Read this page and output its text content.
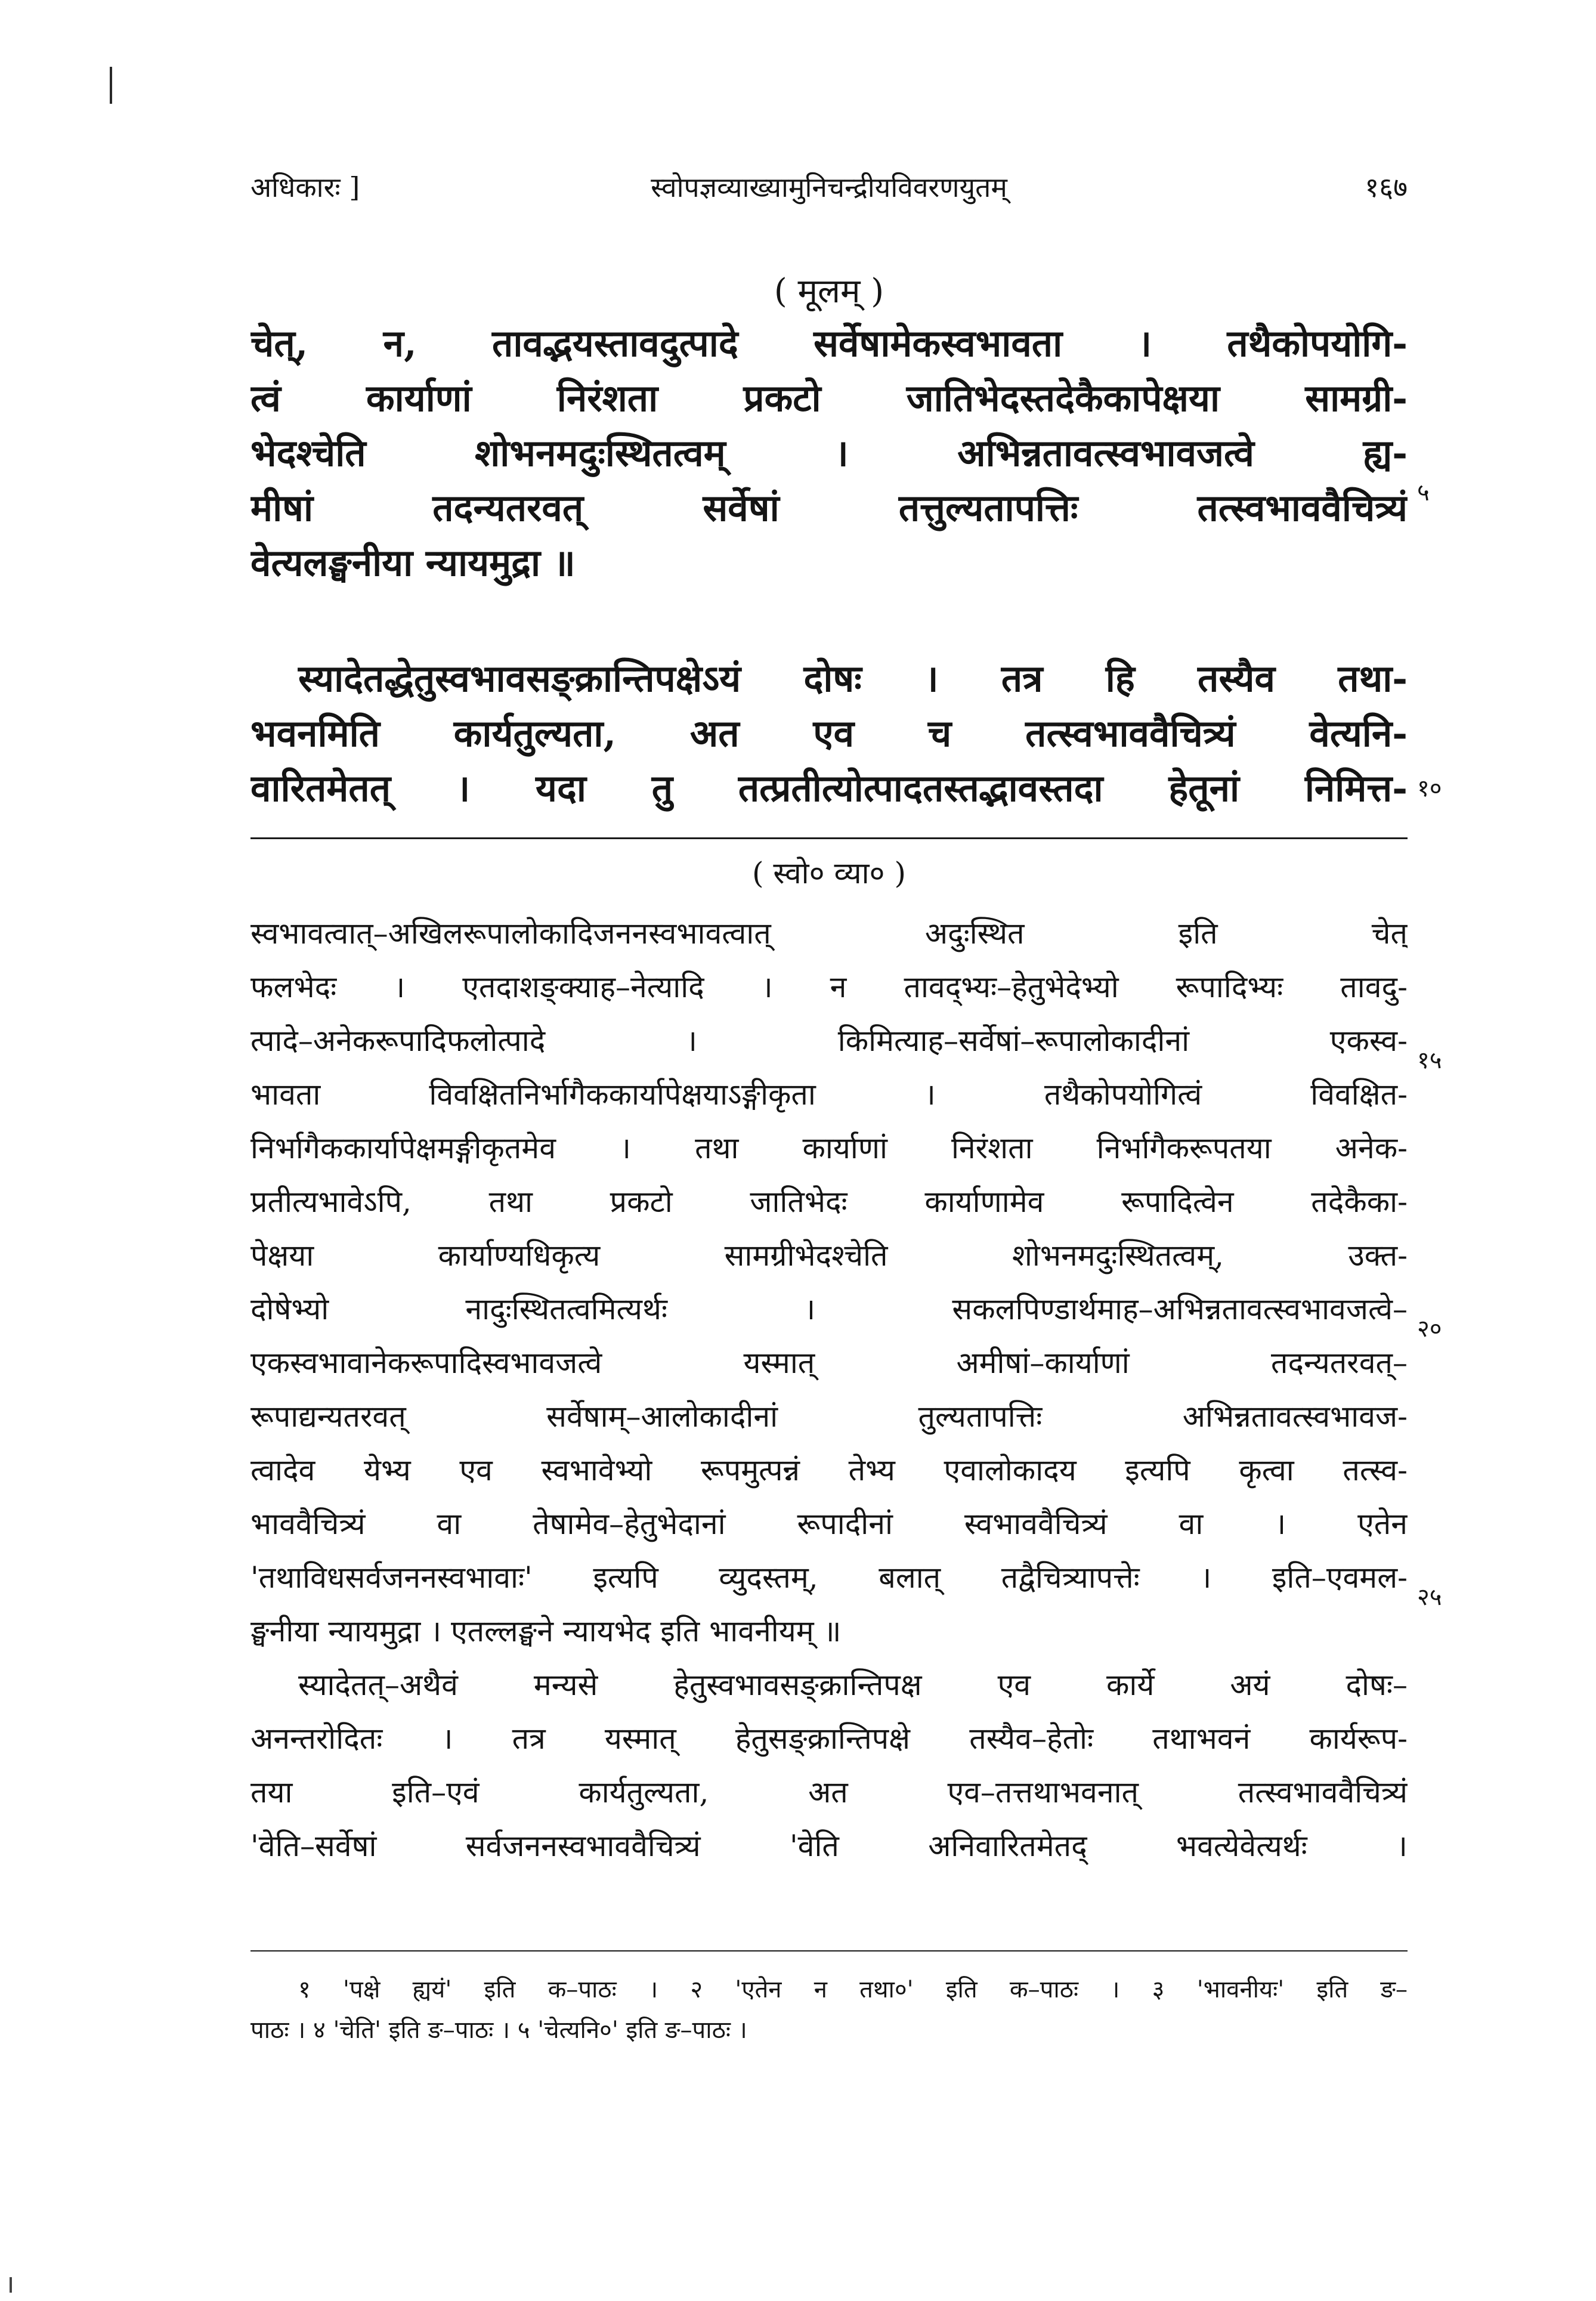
अधिकारः ]	स्वोपज्ञव्याख्यामुनिचन्द्रीयविवरणयुतम्	१६७
( मूलम् )
चेत्, न, तावद्भयस्तावदुत्पादे सर्वेषामेकस्वभावता । तथैकोपयोगि-
त्वं कार्याणां निरंशता प्रकटो जातिभेदस्तदेकैकापेक्षया सामग्री-
भेदश्चेति शोभनमदुःस्थितत्वम् । अभिन्नतावत्स्वभावजत्वे ह्य-
मीषां तदन्यतरवत् सर्वेषां तत्तुल्यतापत्तिः तत्स्वभाववैचित्र्यं
वेत्यलङ्घनीया न्यायमुद्रा ॥
स्यादेतद्धेतुस्वभावसङ्क्रान्तिपक्षेऽयं दोषः । तत्र हि तस्यैव तथा-
भवनमिति कार्यतुल्यता, अत एव च तत्स्वभाववैचित्र्यं वेत्यनि-
वारितमेतत् । यदा तु तत्प्रतीत्योत्पादतस्तद्भावस्तदा हेतूनां निमित्त-
५
१०
( स्वो० व्या० )
स्वभावत्वात्–अखिलरूपालोकादिजननस्वभावत्वात् अदुःस्थित इति चेत्
फलभेदः । एतदाशङ्क्याह–नेत्यादि । न तावद्भ्यः–हेतुभेदेभ्यो रूपादिभ्यः तावदु-
त्पादे–अनेकरूपादिफलोत्पादे । किमित्याह–सर्वेषां–रूपालोकादीनां एकस्व-
भावता विवक्षितनिर्भागैककार्यापेक्षयाऽङ्गीकृता । तथैकोपयोगित्वं विवक्षित-
निर्भागैककार्यापेक्षमङ्गीकृतमेव । तथा कार्याणां निरंशता निर्भागैकरूपतया अनेक-
प्रतीत्यभावेऽपि, तथा प्रकटो जातिभेदः कार्याणामेव रूपादित्वेन तदेकैका-
पेक्षया कार्याण्यधिकृत्य सामग्रीभेदश्चेति शोभनमदुःस्थितत्वम्, उक्त-
दोषेभ्यो नादुःस्थितत्वमित्यर्थः । सकलपिण्डार्थमाह–अभिन्नतावत्स्वभावजत्वे–
एकस्वभावानेकरूपादिस्वभावजत्वे यस्मात् अमीषां–कार्याणां तदन्यतरवत्–
रूपाद्यन्यतरवत् सर्वेषाम्–आलोकादीनां तुल्यतापत्तिः अभिन्नतावत्स्वभावज-
त्वादेव येभ्य एव स्वभावेभ्यो रूपमुत्पन्नं तेभ्य एवालोकादय इत्यपि कृत्वा तत्स्व-
भाववैचित्र्यं वा तेषामेव–हेतुभेदानां रूपादीनां स्वभाववैचित्र्यं वा । एतेन
'तथाविधसर्वजननस्वभावाः' इत्यपि व्युदस्तम्, बलात् तद्वैचित्र्यापत्तेः । इति–एवमल-
ङ्घनीया न्यायमुद्रा । एतल्लङ्घने न्यायभेद इति भावनीयम् ॥
स्यादेतत्–अथैवं मन्यसे हेतुस्वभावसङ्क्रान्तिपक्ष एव कार्ये अयं दोषः–
अनन्तरोदितः । तत्र यस्मात् हेतुसङ्क्रान्तिपक्षे तस्यैव–हेतोः तथाभवनं कार्यरूप-
तया इति–एवं कार्यतुल्यता, अत एव–तत्तथाभवनात् तत्स्वभाववैचित्र्यं
'वेति–सर्वेषां सर्वजननस्वभाववैचित्र्यं 'वेति अनिवारितमेतद् भवत्येवेत्यर्थः ।
१५
२०
२५
१ 'पक्षे ह्ययं' इति क–पाठः । २ 'एतेन न तथा०' इति क–पाठः । ३ 'भावनीयः' इति ङ–
पाठः । ४ 'चेति' इति ङ–पाठः । ५ 'चेत्यनि०' इति ङ–पाठः ।
